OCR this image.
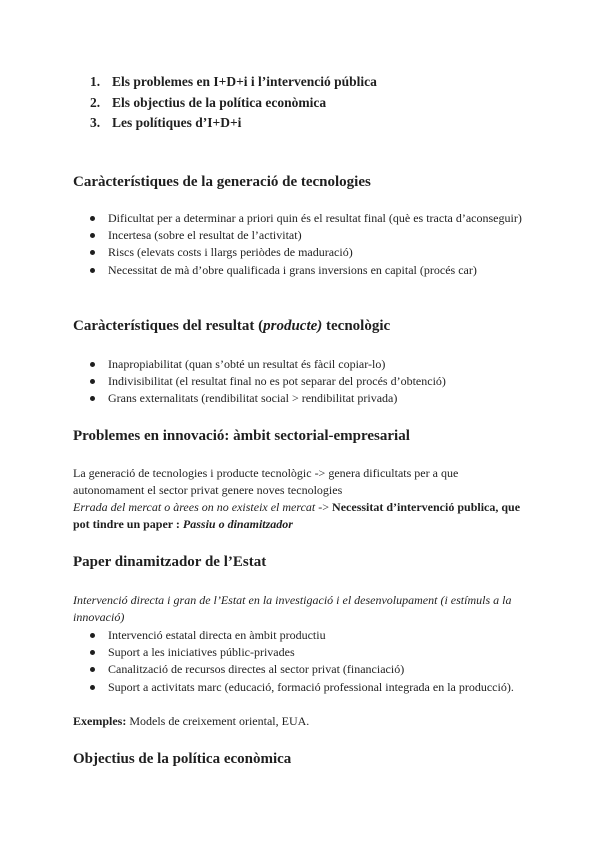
1. Els problemes en I+D+i i l’intervenció pública
2. Els objectius de la política econòmica
3. Les polítiques d’I+D+i
Caràcterístiques de la generació de tecnologies
Dificultat per a determinar a priori quin és el resultat final (què es tracta d’aconseguir)
Incertesa (sobre el resultat de l’activitat)
Riscs (elevats costs i llargs periòdes de maduració)
Necessitat de mà d’obre qualificada i grans inversions en capital (procés car)
Caràcterístiques del resultat (producte) tecnològic
Inapropiabilitat (quan s’obté un resultat és fàcil copiar-lo)
Indivisibilitat (el resultat final no es pot separar del procés d’obtenció)
Grans externalitats (rendibilitat social > rendibilitat privada)
Problemes en innovació: àmbit sectorial-empresarial

La generació de tecnologies i producte tecnològic -> genera dificultats per a que autonomament el sector privat genere noves tecnologies

Errada del mercat o àrees on no existeix el mercat -> Necessitat d’intervenció publica, que pot tindre un paper : Passiu o dinamitzador

Paper dinamitzador de l’Estat

Intervenció directa i gran de l’Estat en la investigació i el desenvolupament (i estímuls a la innovació)

Intervenció estatal directa en àmbit productiu
Suport a les iniciatives públic-privades
Canalització de recursos directes al sector privat (financiació)
Suport a activitats marc (educació, formació professional integrada en la producció).

Exemples: Models de creixement oriental, EUA.

Objectius de la política econòmica
